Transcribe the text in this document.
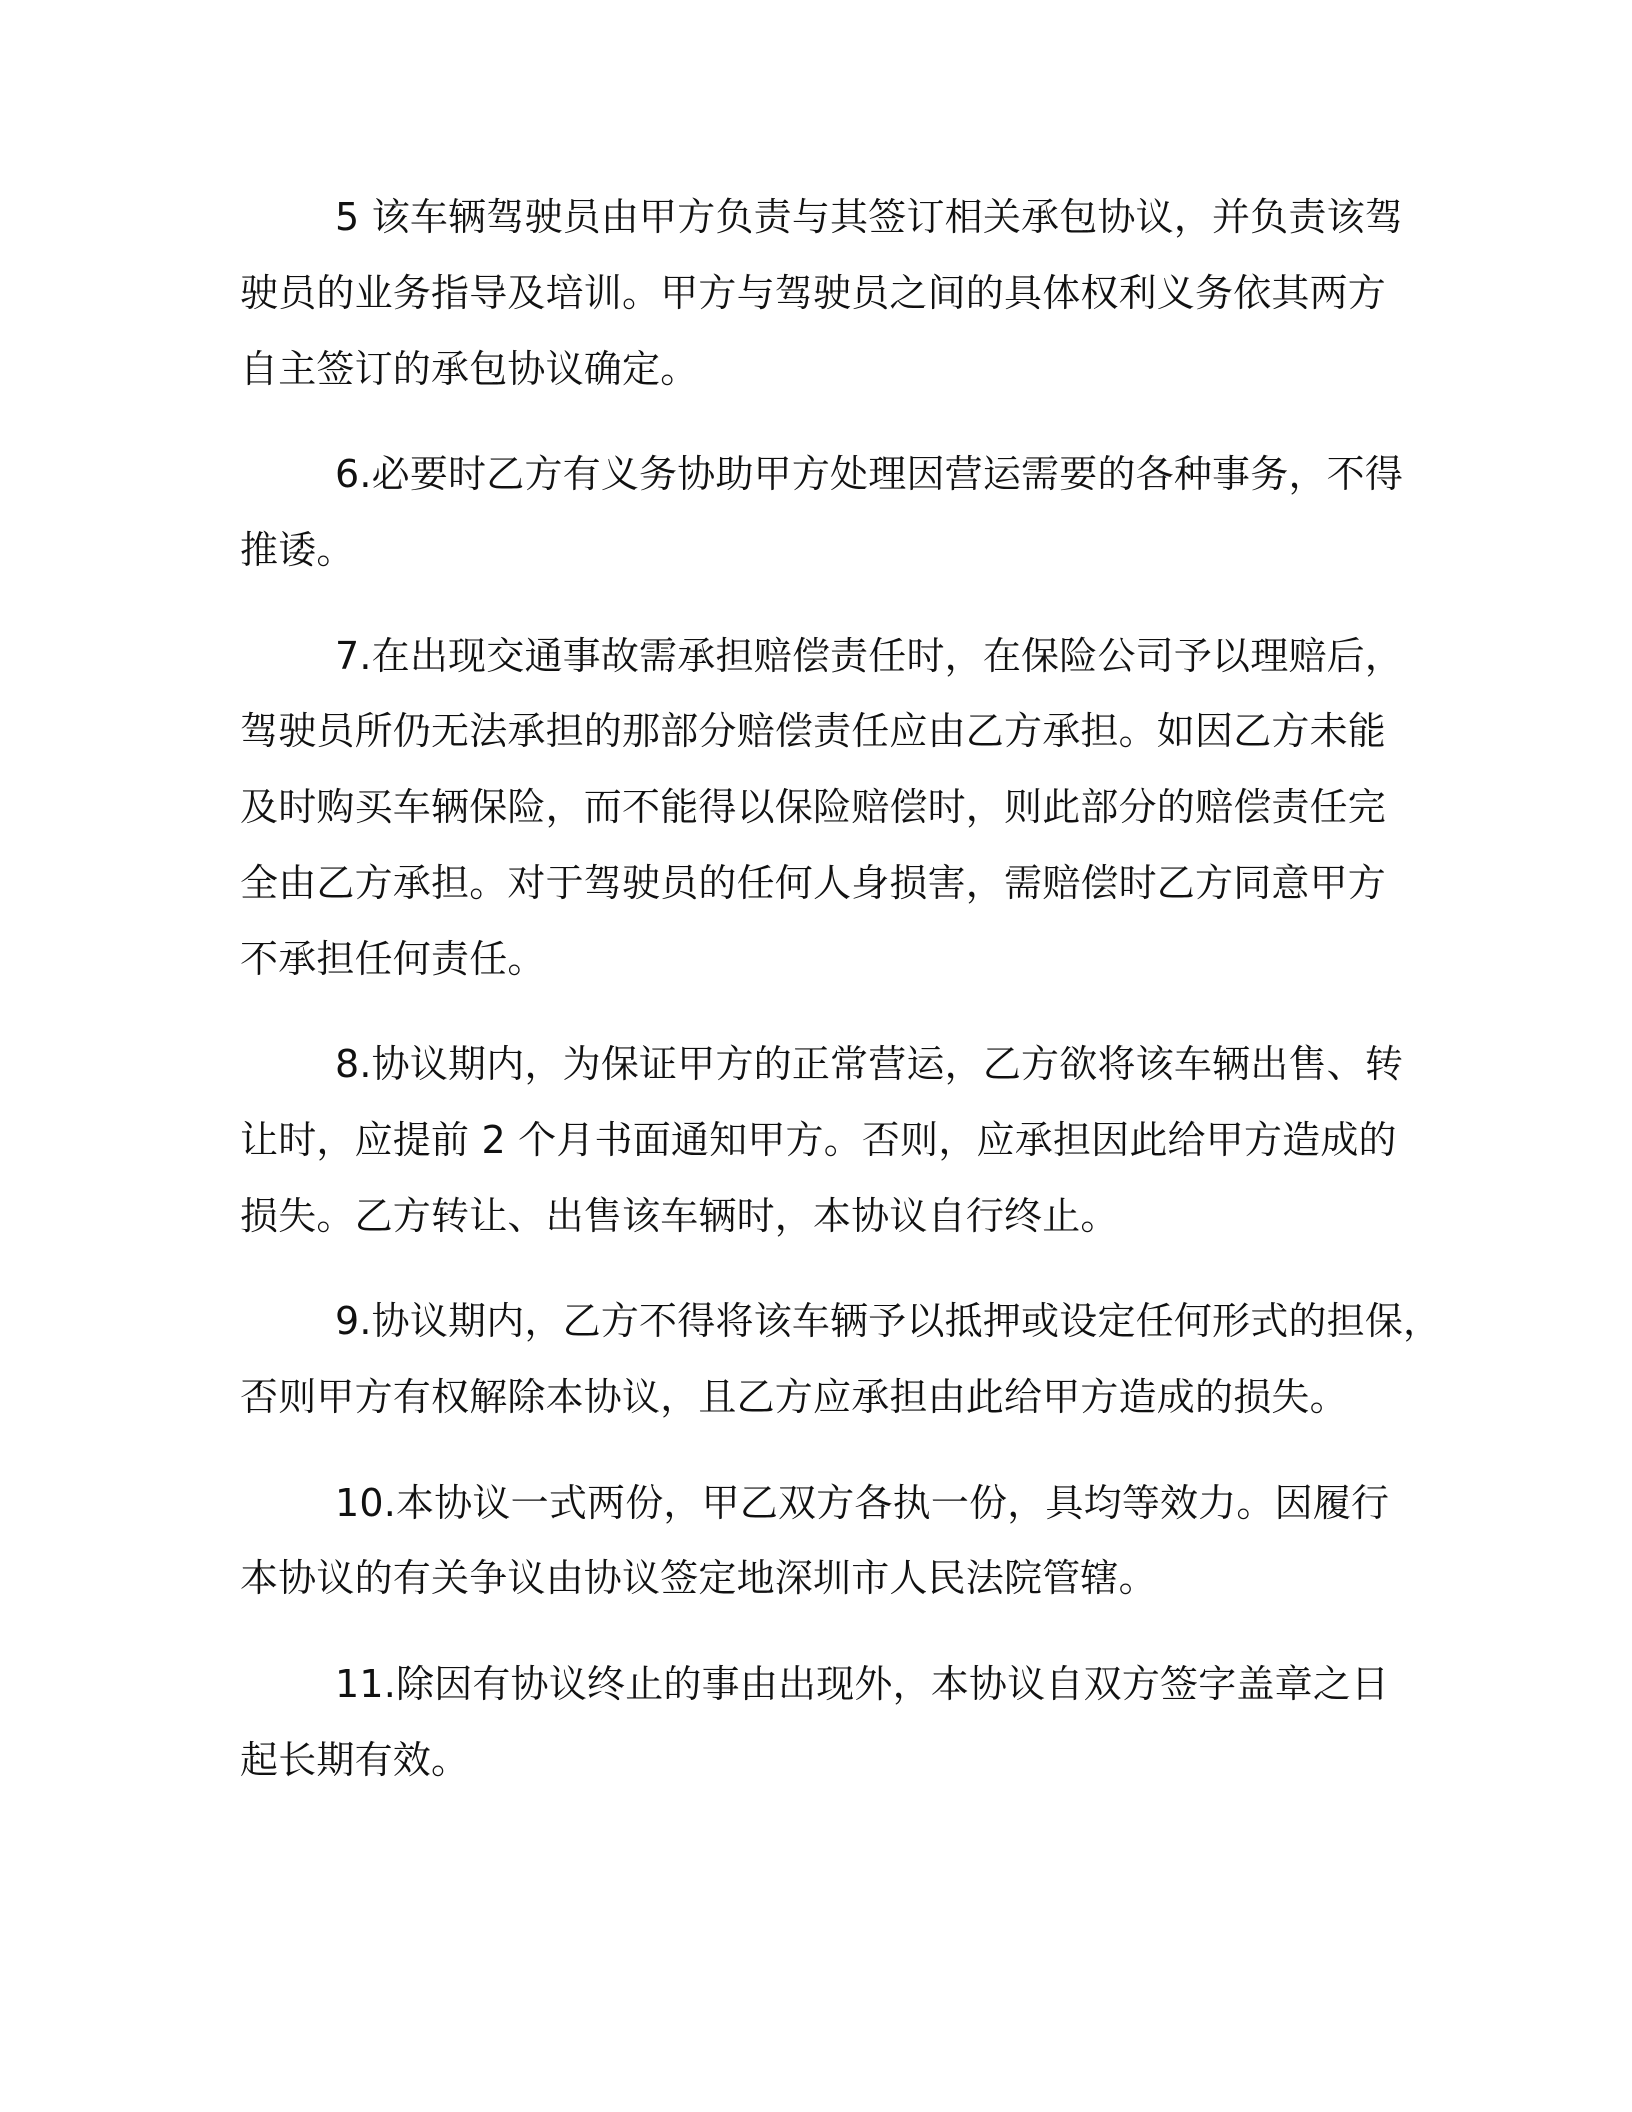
5 该车辆驾驶员由甲方负责与其签订相关承包协议，并负责该驾
驶员的业务指导及培训。甲方与驾驶员之间的具体权利义务依其两方
自主签订的承包协议确定。
6.必要时乙方有义务协助甲方处理因营运需要的各种事务，不得
推诿。
7.在出现交通事故需承担赔偿责任时，在保险公司予以理赔后，
驾驶员所仍无法承担的那部分赔偿责任应由乙方承担。如因乙方未能
及时购买车辆保险，而不能得以保险赔偿时，则此部分的赔偿责任完
全由乙方承担。对于驾驶员的任何人身损害，需赔偿时乙方同意甲方
不承担任何责任。
8.协议期内，为保证甲方的正常营运，乙方欲将该车辆出售、转
让时，应提前 2 个月书面通知甲方。否则，应承担因此给甲方造成的
损失。乙方转让、出售该车辆时，本协议自行终止。
9.协议期内，乙方不得将该车辆予以抵押或设定任何形式的担保，
否则甲方有权解除本协议，且乙方应承担由此给甲方造成的损失。
10.本协议一式两份，甲乙双方各执一份，具均等效力。因履行
本协议的有关争议由协议签定地深圳市人民法院管辖。
11.除因有协议终止的事由出现外，本协议自双方签字盖章之日
起长期有效。
